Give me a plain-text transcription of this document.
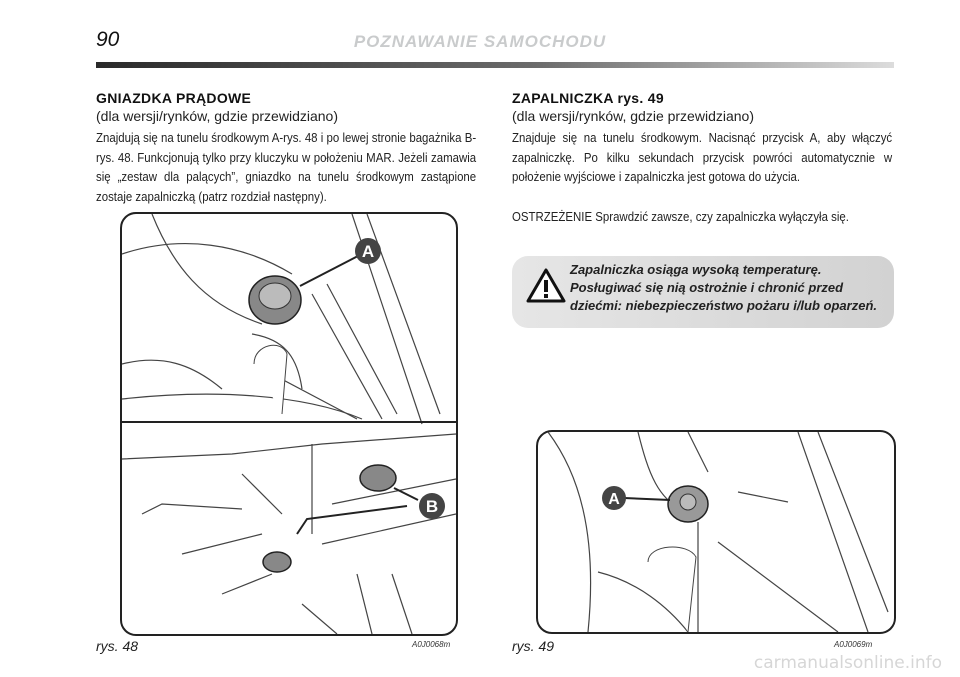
90	POZNAWANIE SAMOCHODU
GNIAZDKA PRĄDOWE
(dla wersji/rynków, gdzie przewidziano)
Znajdują się na tunelu środkowym A-rys. 48 i po lewej stronie bagażnika B-rys. 48. Funkcjonują tylko przy kluczyku w położeniu MAR. Jeżeli zamawia się „zestaw dla palących”, gniazdko na tunelu środkowym zastąpione zostaje zapalniczką (patrz rozdział następny).
A
B
rys. 48	A0J0068m
ZAPALNICZKA rys. 49
(dla wersji/rynków, gdzie przewidziano)
Znajduje się na tunelu środkowym. Nacisnąć przycisk A, aby włączyć zapalniczkę. Po kilku sekundach przycisk powróci automatycznie w położenie wyjściowe i zapalniczka jest gotowa do użycia.
OSTRZEŻENIE Sprawdzić zawsze, czy zapalniczka wyłączyła się.
Zapalniczka osiąga wysoką temperaturę. Posługiwać się nią ostrożnie i chronić przed dziećmi: niebezpieczeństwo pożaru i/lub oparzeń.
A
rys. 49	A0J0069m
carmanualsonline.info
